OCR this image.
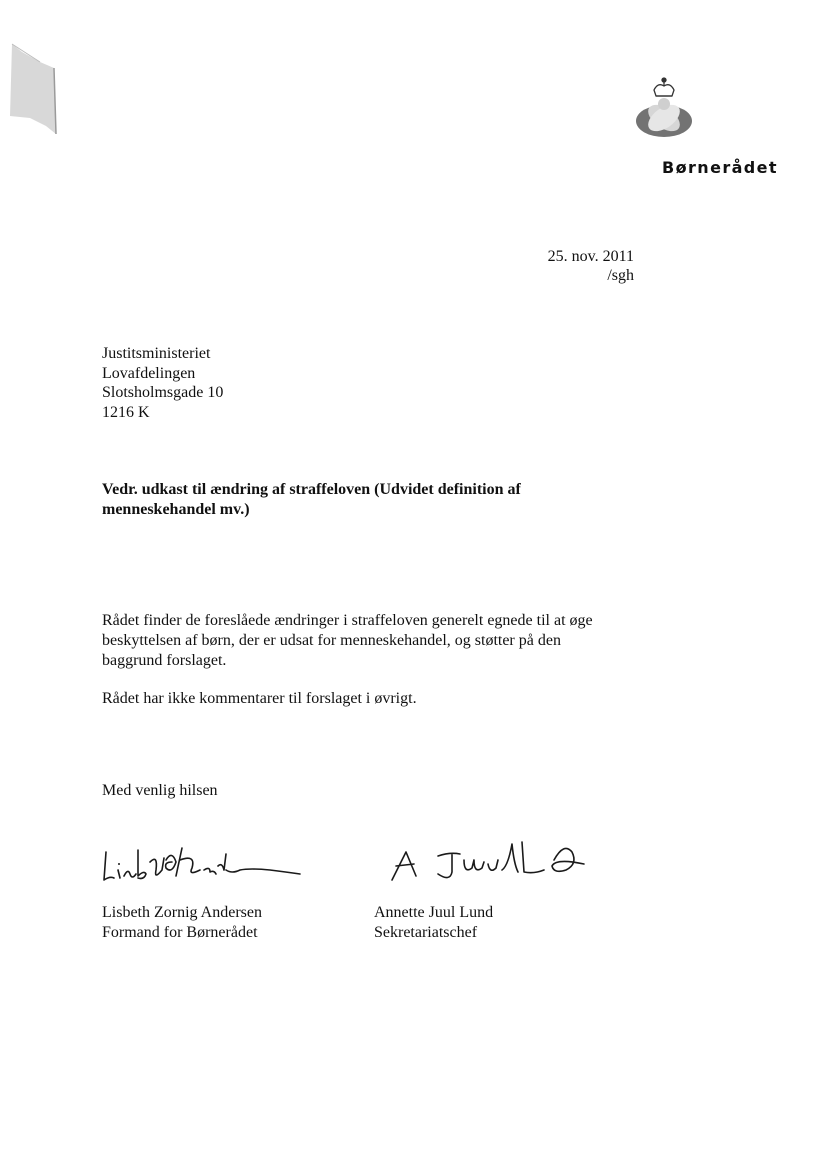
Børnerådet
25. nov. 2011
/sgh
Justitsministeriet
Lovafdelingen
Slotsholmsgade 10
1216 K
Vedr. udkast til ændring af straffeloven (Udvidet definition af
menneskehandel mv.)
Rådet finder de foreslåede ændringer i straffeloven generelt egnede til at øge
beskyttelsen af børn, der er udsat for menneskehandel, og støtter på den
baggrund forslaget.
Rådet har ikke kommentarer til forslaget i øvrigt.
Med venlig hilsen
Lisbeth Zornig Andersen
Formand for Børnerådet
Annette Juul Lund
Sekretariatschef
